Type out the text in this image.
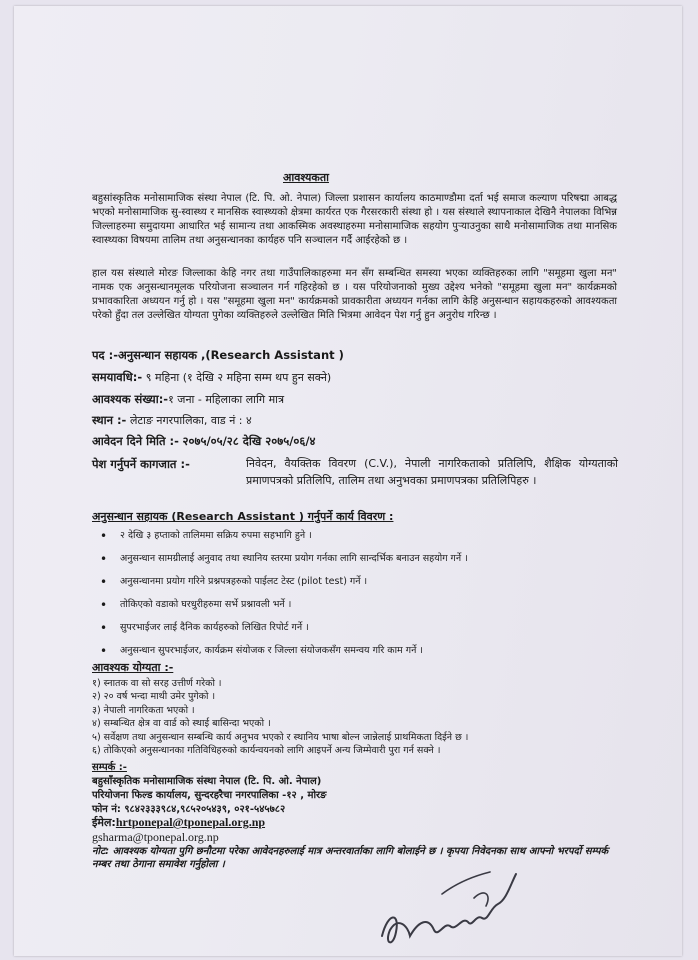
आवश्यकता
बहुसांस्कृतिक मनोसामाजिक संस्था नेपाल (टि. पि. ओ. नेपाल) जिल्ला प्रशासन कार्यालय काठमाण्डौमा दर्ता भई समाज कल्याण परिषद्मा आबद्ध भएको मनोसामाजिक सु-स्वास्थ्य र मानसिक स्वास्थ्यको क्षेत्रमा कार्यरत एक गैरसरकारी संस्था हो । यस संस्थाले स्थापनाकाल देखिनै नेपालका विभिन्न जिल्लाहरुमा समुदायमा आधारित भई सामान्य तथा आकस्मिक अवस्थाहरुमा मनोसामाजिक सहयोग पुऱ्याउनुका साथै मनोसामाजिक तथा मानसिक स्वास्थ्यका विषयमा तालिम तथा अनुसन्धानका कार्यहरु पनि सञ्चालन गर्दै आईरहेको छ ।
हाल यस संस्थाले मोरङ जिल्लाका केहि नगर तथा गाउँपालिकाहरुमा मन सँग सम्बन्धित समस्या भएका व्यक्तिहरुका लागि "समूहमा खुला मन" नामक एक अनुसन्धानमूलक परियोजना सञ्चालन गर्न गहिरहेको छ । यस परियोजनाको मुख्य उद्देश्य भनेको "समूहमा खुला मन" कार्यक्रमको प्रभावकारिता अध्ययन गर्नु हो । यस "समूहमा खुला मन" कार्यक्रमको प्रावकारीता अध्ययन गर्नका लागि केहि अनुसन्धान सहायकहरुको आवश्यकता परेको हुँदा तल उल्लेखित योग्यता पुगेका व्यक्तिहरुले उल्लेखित मिति भित्रमा आवेदन पेश गर्नु हुन अनुरोध गरिन्छ ।
पद :-अनुसन्धान सहायक ,(Research Assistant )
समयावधि:- ९ महिना (१ देखि २ महिना सम्म थप हुन सक्ने)
आवश्यक संख्या:-१ जना - महिलाका लागि मात्र
स्थान :- लेटाङ नगरपालिका, वाड नं : ४
आवेदन दिने मिति :- २०७५/०५/२८ देखि २०७५/०६/४
पेश गर्नुपर्ने कागजात :-	निवेदन, वैयक्तिक विवरण (C.V.), नेपाली नागरिकताको प्रतिलिपि, शैक्षिक योग्यताको प्रमाणपत्रको प्रतिलिपि, तालिम तथा अनुभवका प्रमाणपत्रका प्रतिलिपिहरु ।
अनुसन्धान सहायक (Research Assistant ) गर्नुपर्ने कार्य विवरण :
• २ देखि ३ हप्ताको तालिममा सक्रिय रुपमा सहभागि हुने ।
• अनुसन्धान सामग्रीलाई अनुवाद तथा स्थानिय स्तरमा प्रयोग गर्नका लागि सान्दर्भिक बनाउन सहयोग गर्ने ।
• अनुसन्धानमा प्रयोग गरिने प्रश्नपत्रहरुको पाईलट टेस्ट (pilot test) गर्ने ।
• तोकिएको वडाको घरधुरीहरुमा सर्भे प्रश्नावली भर्ने ।
• सुपरभाईजर लाई दैनिक कार्यहरुको लिखित रिपोर्ट गर्ने ।
• अनुसन्धान सुपरभाईजर, कार्यक्रम संयोजक र जिल्ला संयोजकसँग समन्वय गरि काम गर्ने ।
आवश्यक योग्यता :-
१) स्नातक वा सो सरह उत्तीर्ण गरेको ।
२) २० वर्ष भन्दा माथी उमेर पुगेको ।
३) नेपाली नागरिकता भएको ।
४) सम्बन्धित क्षेत्र वा वार्ड को स्थाई बासिन्दा भएको ।
५) सर्वेक्षण तथा अनुसन्धान सम्बन्धि कार्य अनुभव भएको र स्थानिय भाषा बोल्न जान्नेलाई प्राथमिकता दिईने छ ।
६) तोकिएको अनुसन्धानका गतिविधिहरुको कार्यन्वयनको लागि आइपर्ने अन्य जिम्मेवारी पुरा गर्न सक्ने ।
सम्पर्क :-
बहुसाँस्कृतिक मनोसामाजिक संस्था नेपाल (टि. पि. ओ. नेपाल)
परियोजना फिल्ड कार्यालय, सुन्दरहरैचा नगरपालिका -१२ , मोरङ
फोन नं: ९८४२३३३९८४,९८५२०५४३९, ०२१-५४५७८२
ईमेल:hrtponepal@tponepal.org.np
gsharma@tponepal.org.np
नोट: आवश्यक योग्यता पुगि छनौटमा परेका आवेदनहरुलाई मात्र अन्तरवार्ताका लागि बोलाईने छ । कृपया निवेदनका साथ आफ्नो भरपर्दो सम्पर्क नम्बर तथा ठेगाना समावेश गर्नुहोला ।
